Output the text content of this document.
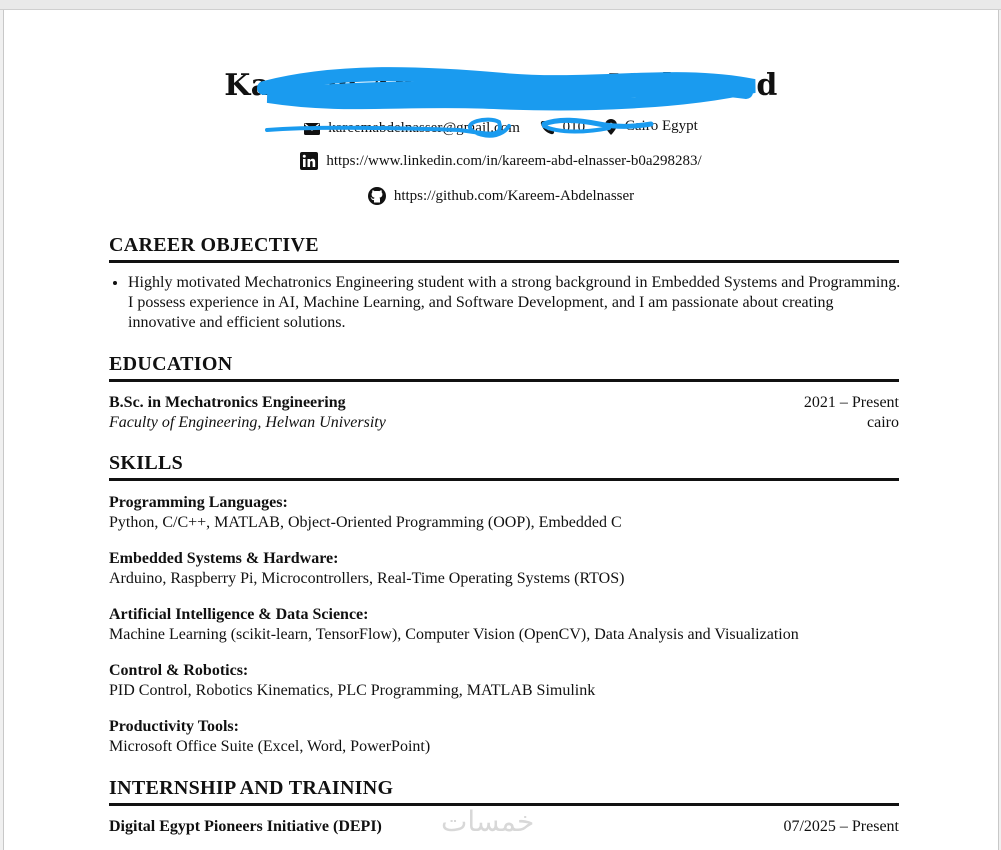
Kareem Abdel Nasser Mohamed
kareemabdelnasser@gmail.com
	010
	Cairo Egypt
https://www.linkedin.com/in/kareem-abd-elnasser-b0a298283/
https://github.com/Kareem-Abdelnasser
CAREER OBJECTIVE
• Highly motivated Mechatronics Engineering student with a strong background in Embedded Systems and Programming. I possess experience in AI, Machine Learning, and Software Development, and I am passionate about creating innovative and efficient solutions.
EDUCATION
B.Sc. in Mechatronics Engineering	2021 – Present
Faculty of Engineering, Helwan University	cairo
SKILLS
Programming Languages:
Python, C/C++, MATLAB, Object-Oriented Programming (OOP), Embedded C
Embedded Systems & Hardware:
Arduino, Raspberry Pi, Microcontrollers, Real-Time Operating Systems (RTOS)
Artificial Intelligence & Data Science:
Machine Learning (scikit-learn, TensorFlow), Computer Vision (OpenCV), Data Analysis and Visualization
Control & Robotics:
PID Control, Robotics Kinematics, PLC Programming, MATLAB Simulink
Productivity Tools:
Microsoft Office Suite (Excel, Word, PowerPoint)
INTERNSHIP AND TRAINING
Digital Egypt Pioneers Initiative (DEPI)	07/2025 – Present
خمسات
